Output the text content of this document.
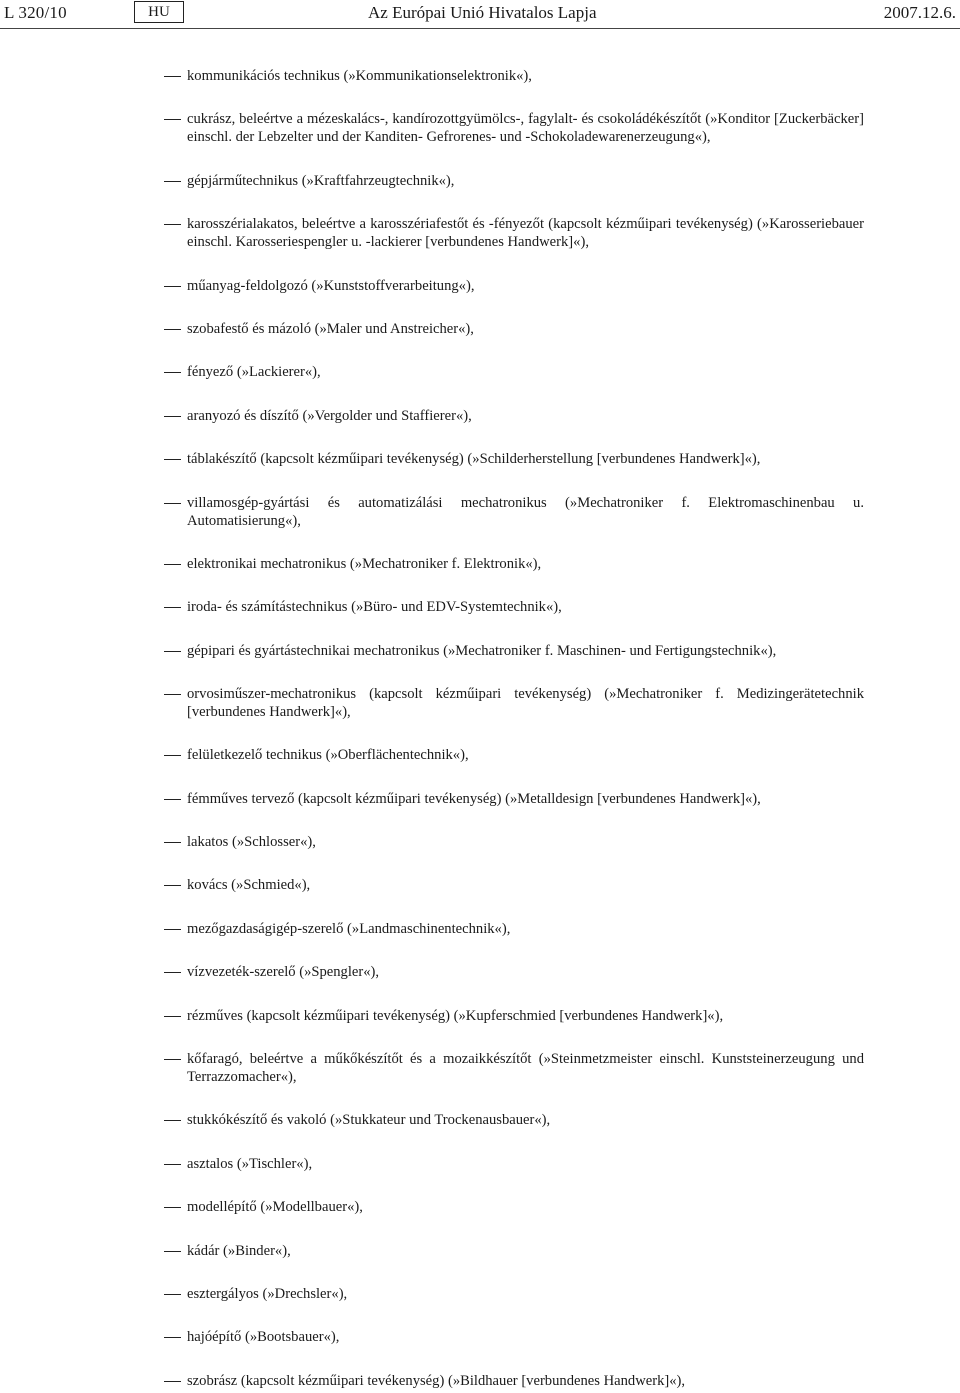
L 320/10	HU	Az Európai Unió Hivatalos Lapja	2007.12.6.
kommunikációs technikus (»Kommunikationselektronik«),
cukrász, beleértve a mézeskalács-, kandírozottgyümölcs-, fagylalt- és csokoládékészítőt (»Konditor [Zuckerbäcker] einschl. der Lebzelter und der Kanditen- Gefrorenes- und -Schokoladewarenerzeugung«),
gépjárműtechnikus (»Kraftfahrzeugtechnik«),
karosszérialakatos, beleértve a karosszériafestőt és -fényezőt (kapcsolt kézműipari tevékenység) (»Karosseriebauer einschl. Karosseriespengler u. -lackierer [verbundenes Handwerk]«),
műanyag-feldolgozó (»Kunststoffverarbeitung«),
szobafestő és mázoló (»Maler und Anstreicher«),
fényező (»Lackierer«),
aranyozó és díszítő (»Vergolder und Staffierer«),
táblakészítő (kapcsolt kézműipari tevékenység) (»Schilderherstellung [verbundenes Handwerk]«),
villamosgép-gyártási és automatizálási mechatronikus (»Mechatroniker f. Elektromaschinenbau u. Automatisierung«),
elektronikai mechatronikus (»Mechatroniker f. Elektronik«),
iroda- és számítástechnikus (»Büro- und EDV-Systemtechnik«),
gépipari és gyártástechnikai mechatronikus (»Mechatroniker f. Maschinen- und Fertigungstechnik«),
orvosiműszer-mechatronikus (kapcsolt kézműipari tevékenység) (»Mechatroniker f. Medizingerätetechnik [verbundenes Handwerk]«),
felületkezelő technikus (»Oberflächentechnik«),
fémműves tervező (kapcsolt kézműipari tevékenység) (»Metalldesign [verbundenes Handwerk]«),
lakatos (»Schlosser«),
kovács (»Schmied«),
mezőgazdaságigép-szerelő (»Landmaschinentechnik«),
vízvezeték-szerelő (»Spengler«),
rézműves (kapcsolt kézműipari tevékenység) (»Kupferschmied [verbundenes Handwerk]«),
kőfaragó, beleértve a műkőkészítőt és a mozaikkészítőt (»Steinmetzmeister einschl. Kunststeinerzeugung und Terrazzomacher«),
stukkókészítő és vakoló (»Stukkateur und Trockenausbauer«),
asztalos (»Tischler«),
modellépítő (»Modellbauer«),
kádár (»Binder«),
esztergályos (»Drechsler«),
hajóépítő (»Bootsbauer«),
szobrász (kapcsolt kézműipari tevékenység) (»Bildhauer [verbundenes Handwerk]«),
